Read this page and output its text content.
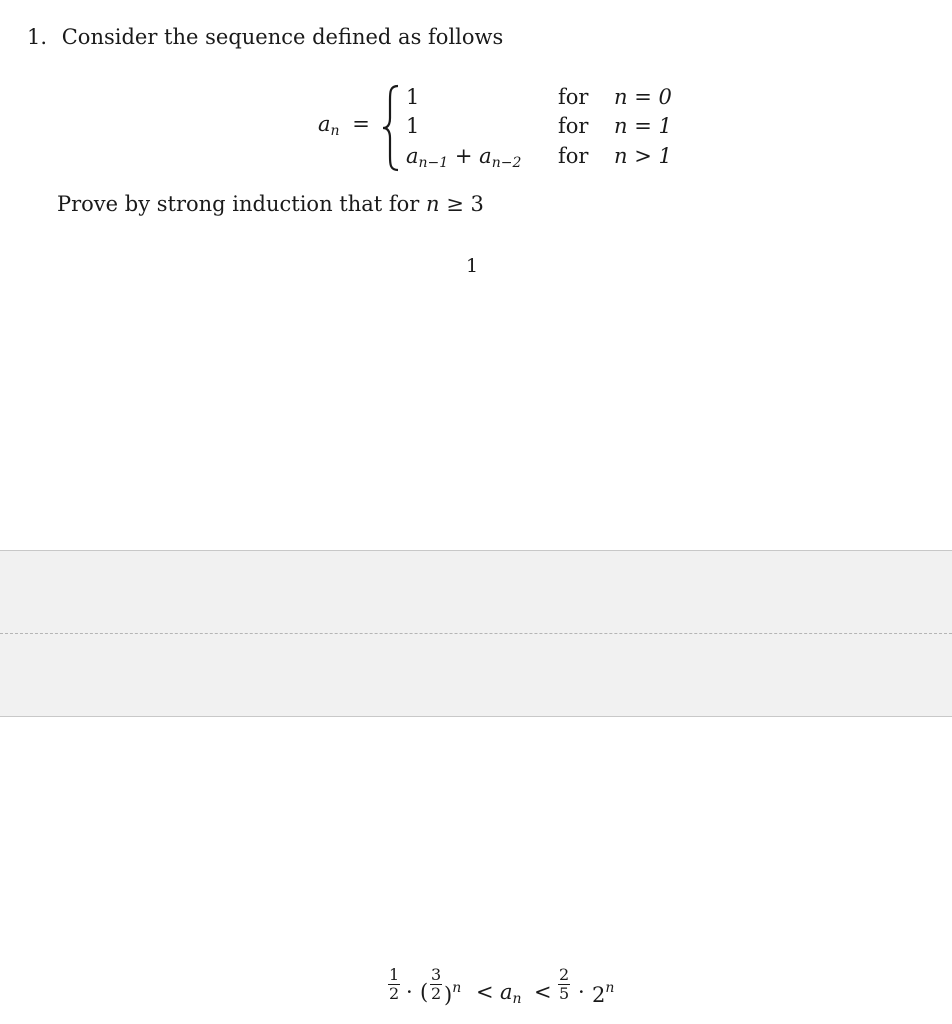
1. Consider the sequence defined as follows
$a_n$ =
1	for n = 0
1	for n = 1
$a_{n-1} + a_{n-2}$ for n > 1
Prove by strong induction that for n ≥ 3
1
$\frac{1}{2}$ · ( $\frac{3}{2} )^n < a_n < \frac{2}{5} \cdot 2^n$
